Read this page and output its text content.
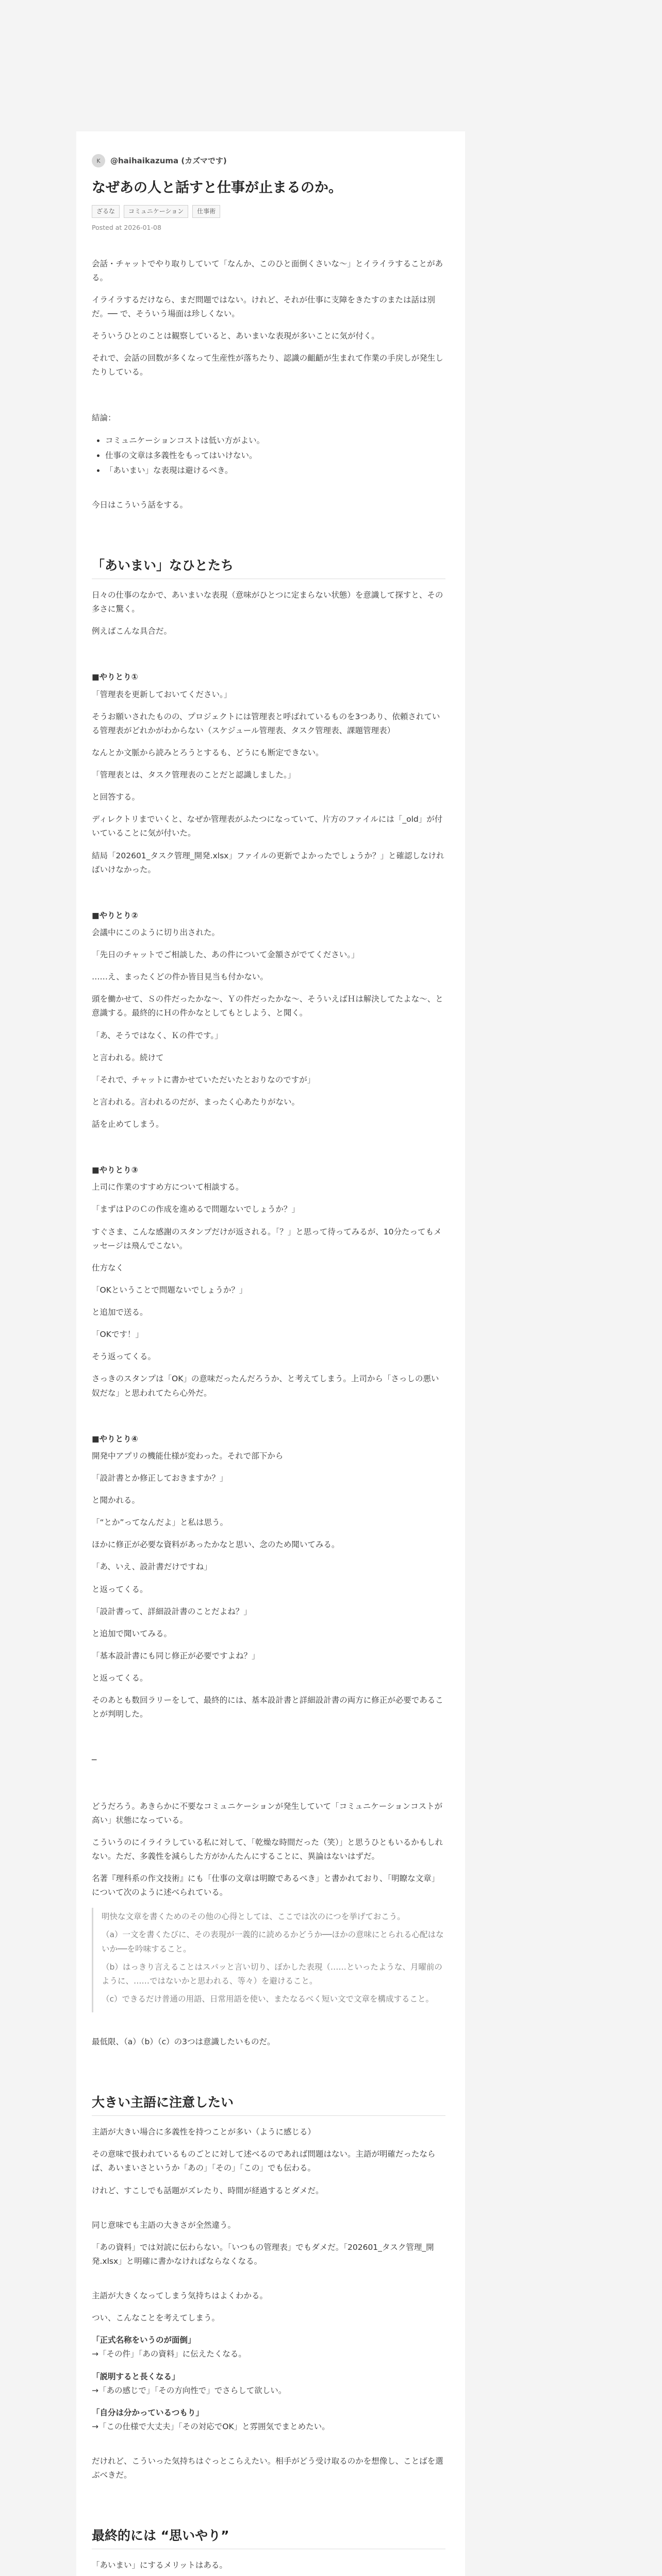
K	@haihaikazuma (カズマです)
なぜあの人と話すと仕事が止まるのか。
ざるな	コミュニケーション	仕事術
Posted at 2026-01-08

会話・チャットでやり取りしていて「なんか、このひと面倒くさいな〜」とイライラすることがある。

イライラするだけなら、まだ問題ではない。けれど、それが仕事に支障をきたすのまたは話は別だ。── で、そういう場面は珍しくない。

そういうひとのことは観察していると、あいまいな表現が多いことに気が付く。

それで、会話の回数が多くなって生産性が落ちたり、認識の齟齬が生まれて作業の手戻しが発生したりしている。

結論：

• コミュニケーションコストは低い方がよい。
• 仕事の文章は多義性をもってはいけない。
• 「あいまい」な表現は避けるべき。

今日はこういう話をする。

「あいまい」なひとたち

日々の仕事のなかで、あいまいな表現（意味がひとつに定まらない状態）を意識して探すと、その多さに驚く。

例えばこんな具合だ。

■やりとり①

「管理表を更新しておいてください。」

そうお願いされたものの、プロジェクトには管理表と呼ばれているものを3つあり、依頼されている管理表がどれかがわからない（スケジュール管理表、タスク管理表、課題管理表）

なんとか文脈から読みとろうとするも、どうにも断定できない。

「管理表とは、タスク管理表のことだと認識しました。」

と回答する。

ディレクトリまでいくと、なぜか管理表がふたつになっていて、片方のファイルには「_old」が付いていることに気が付いた。

結局「202601_タスク管理_開発.xlsx」ファイルの更新でよかったでしょうか？」と確認しなければいけなかった。

■やりとり②

会議中にこのように切り出された。

「先日のチャットでご相談した、あの件について金額さがでてください。」

……え、まったくどの件か皆目見当も付かない。

頭を働かせて、Ｓの件だったかな〜、Ｙの件だったかな〜、そういえばＨは解決してたよな〜、と意識する。最終的にＨの件かなとしてもとしよう、と聞く。

「あ、そうではなく、Ｋの件です。」

と言われる。続けて

「それで、チャットに書かせていただいたとおりなのですが」

と言われる。言われるのだが、まったく心あたりがない。

話を止めてしまう。

■やりとり③

上司に作業のすすめ方について相談する。

「まずはＰのＣの作成を進めるで問題ないでしょうか？」

すぐさま、こんな感謝のスタンプだけが返される。「？」と思って待ってみるが、10分たってもメッセージは飛んでこない。

仕方なく

「OKということで問題ないでしょうか？」

と追加で送る。

「OKです！」

そう返ってくる。

さっきのスタンプは「OK」の意味だったんだろうか、と考えてしまう。上司から「さっしの悪い奴だな」と思われてたら心外だ。

■やりとり④

開発中アプリの機能仕様が変わった。それで部下から

「設計書とか修正しておきますか？」

と聞かれる。

「“とか”ってなんだよ」と私は思う。

ほかに修正が必要な資料があったかなと思い、念のため聞いてみる。

「あ、いえ、設計書だけですね」

と返ってくる。

「設計書って、詳細設計書のことだよね？」

と追加で聞いてみる。

「基本設計書にも同じ修正が必要ですよね？」

と返ってくる。

そのあとも数回ラリーをして、最終的には、基本設計書と詳細設計書の両方に修正が必要であることが判明した。

─

どうだろう。あきらかに不要なコミュニケーションが発生していて「コミュニケーションコストが高い」状態になっている。

こういうのにイライラしている私に対して、「乾燥な時間だった（笑）」と思うひともいるかもしれない。ただ、多義性を減らした方がかんたんにすることに、異論はないはずだ。

名著『理科系の作文技術』にも「仕事の文章は明瞭であるべき」と書かれており、「明瞭な文章」について次のように述べられている。

明快な文章を書くためのその他の心得としては、ここでは次のにつを挙げておこう。

（a）一文を書くたびに、その表現が一義的に読めるかどうか──ほかの意味にとられる心配はないか──を吟味すること。

（b）はっきり言えることはスパッと言い切り、ぼかした表現（……といったような、月曜前のように、……ではないかと思われる、等々）を避けること。

（c）できるだけ普通の用語、日常用語を使い、またなるべく短い文で文章を構成すること。

最低限、（a）（b）（c）の3つは意識したいものだ。

大きい主語に注意したい

主語が大きい場合に多義性を持つことが多い（ように感じる）

その意味で扱われているものごとに対して述べるのであれば問題はない。主語が明確だったならば、あいまいさというか「あの」「その」「この」でも伝わる。

けれど、すこしでも話題がズレたり、時間が経過するとダメだ。

同じ意味でも主語の大きさが全然違う。

「あの資料」では対読に伝わらない。「いつもの管理表」でもダメだ。「202601_タスク管理_開発.xlsx」と明確に書かなければならなくなる。

主語が大きくなってしまう気持ちはよくわかる。

つい、こんなことを考えてしまう。

「正式名称をいうのが面倒」

→「その件」「あの資料」に伝えたくなる。

「説明すると長くなる」

→「あの感じで」「その方向性で」でさらして欲しい。

「自分は分かっているつもり」

→「この仕様で大丈夫」「その対応でOK」と雰囲気でまとめたい。

だけれど、こういった気持ちはぐっとこらえたい。相手がどう受け取るのかを想像し、ことばを選ぶべきだ。

最終的には “思いやり”

「あいまい」にするメリットはある。
